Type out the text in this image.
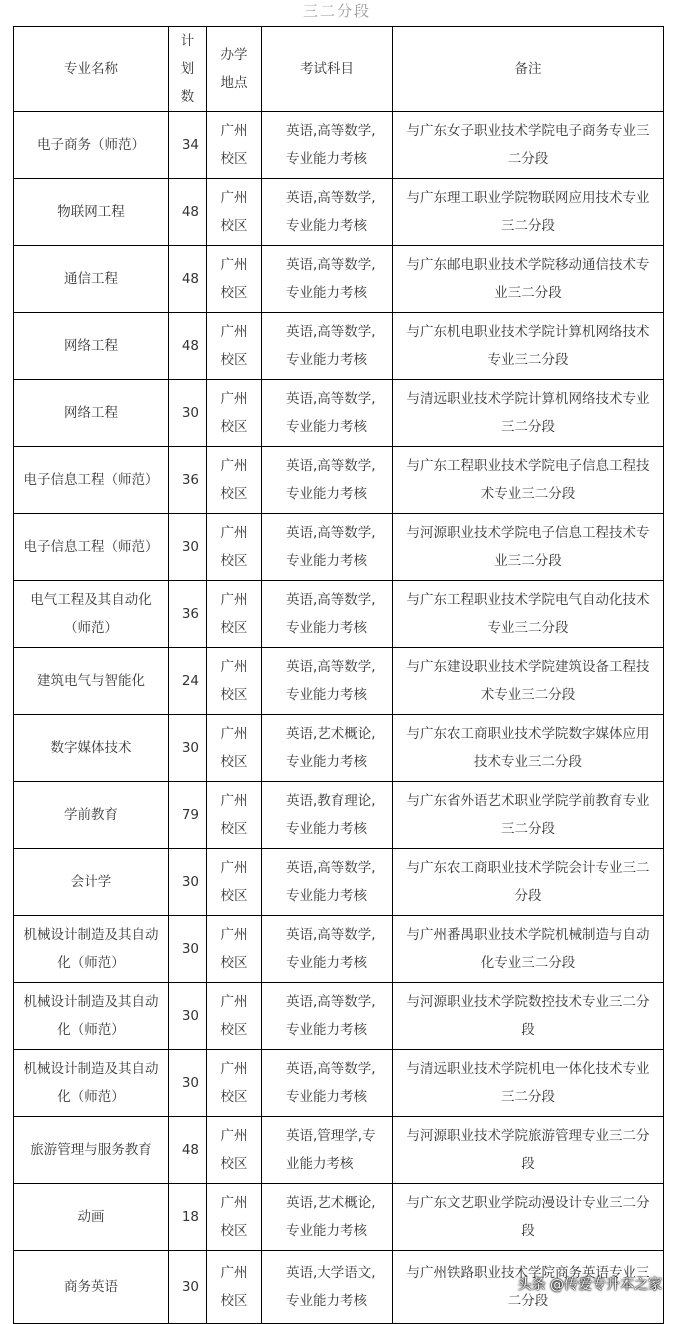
三二分段
专业名称	计划数	办学地点	考试科目	备注
电子商务（师范）	34	广州校区	英语,高等数学,专业能力考核	与广东女子职业技术学院电子商务专业三二分段
物联网工程	48	广州校区	英语,高等数学,专业能力考核	与广东理工职业学院物联网应用技术专业三二分段
通信工程	48	广州校区	英语,高等数学,专业能力考核	与广东邮电职业技术学院移动通信技术专业三二分段
网络工程	48	广州校区	英语,高等数学,专业能力考核	与广东机电职业技术学院计算机网络技术专业三二分段
网络工程	30	广州校区	英语,高等数学,专业能力考核	与清远职业技术学院计算机网络技术专业三二分段
电子信息工程（师范）	36	广州校区	英语,高等数学,专业能力考核	与广东工程职业技术学院电子信息工程技术专业三二分段
电子信息工程（师范）	30	广州校区	英语,高等数学,专业能力考核	与河源职业技术学院电子信息工程技术专业三二分段
电气工程及其自动化（师范）	36	广州校区	英语,高等数学,专业能力考核	与广东工程职业技术学院电气自动化技术专业三二分段
建筑电气与智能化	24	广州校区	英语,高等数学,专业能力考核	与广东建设职业技术学院建筑设备工程技术专业三二分段
数字媒体技术	30	广州校区	英语,艺术概论,专业能力考核	与广东农工商职业技术学院数字媒体应用技术专业三二分段
学前教育	79	广州校区	英语,教育理论,专业能力考核	与广东省外语艺术职业学院学前教育专业三二分段
会计学	30	广州校区	英语,高等数学,专业能力考核	与广东农工商职业技术学院会计专业三二分段
机械设计制造及其自动化（师范）	30	广州校区	英语,高等数学,专业能力考核	与广州番禺职业技术学院机械制造与自动化专业三二分段
机械设计制造及其自动化（师范）	30	广州校区	英语,高等数学,专业能力考核	与河源职业技术学院数控技术专业三二分段
机械设计制造及其自动化（师范）	30	广州校区	英语,高等数学,专业能力考核	与清远职业技术学院机电一体化技术专业三二分段
旅游管理与服务教育	48	广州校区	英语,管理学,专业能力考核	与河源职业技术学院旅游管理专业三二分段
动画	18	广州校区	英语,艺术概论,专业能力考核	与广东文艺职业学院动漫设计专业三二分段
商务英语	30	广州校区	英语,大学语文,专业能力考核	与广州铁路职业技术学院商务英语专业三二分段
头条 @传爱专升本之家
